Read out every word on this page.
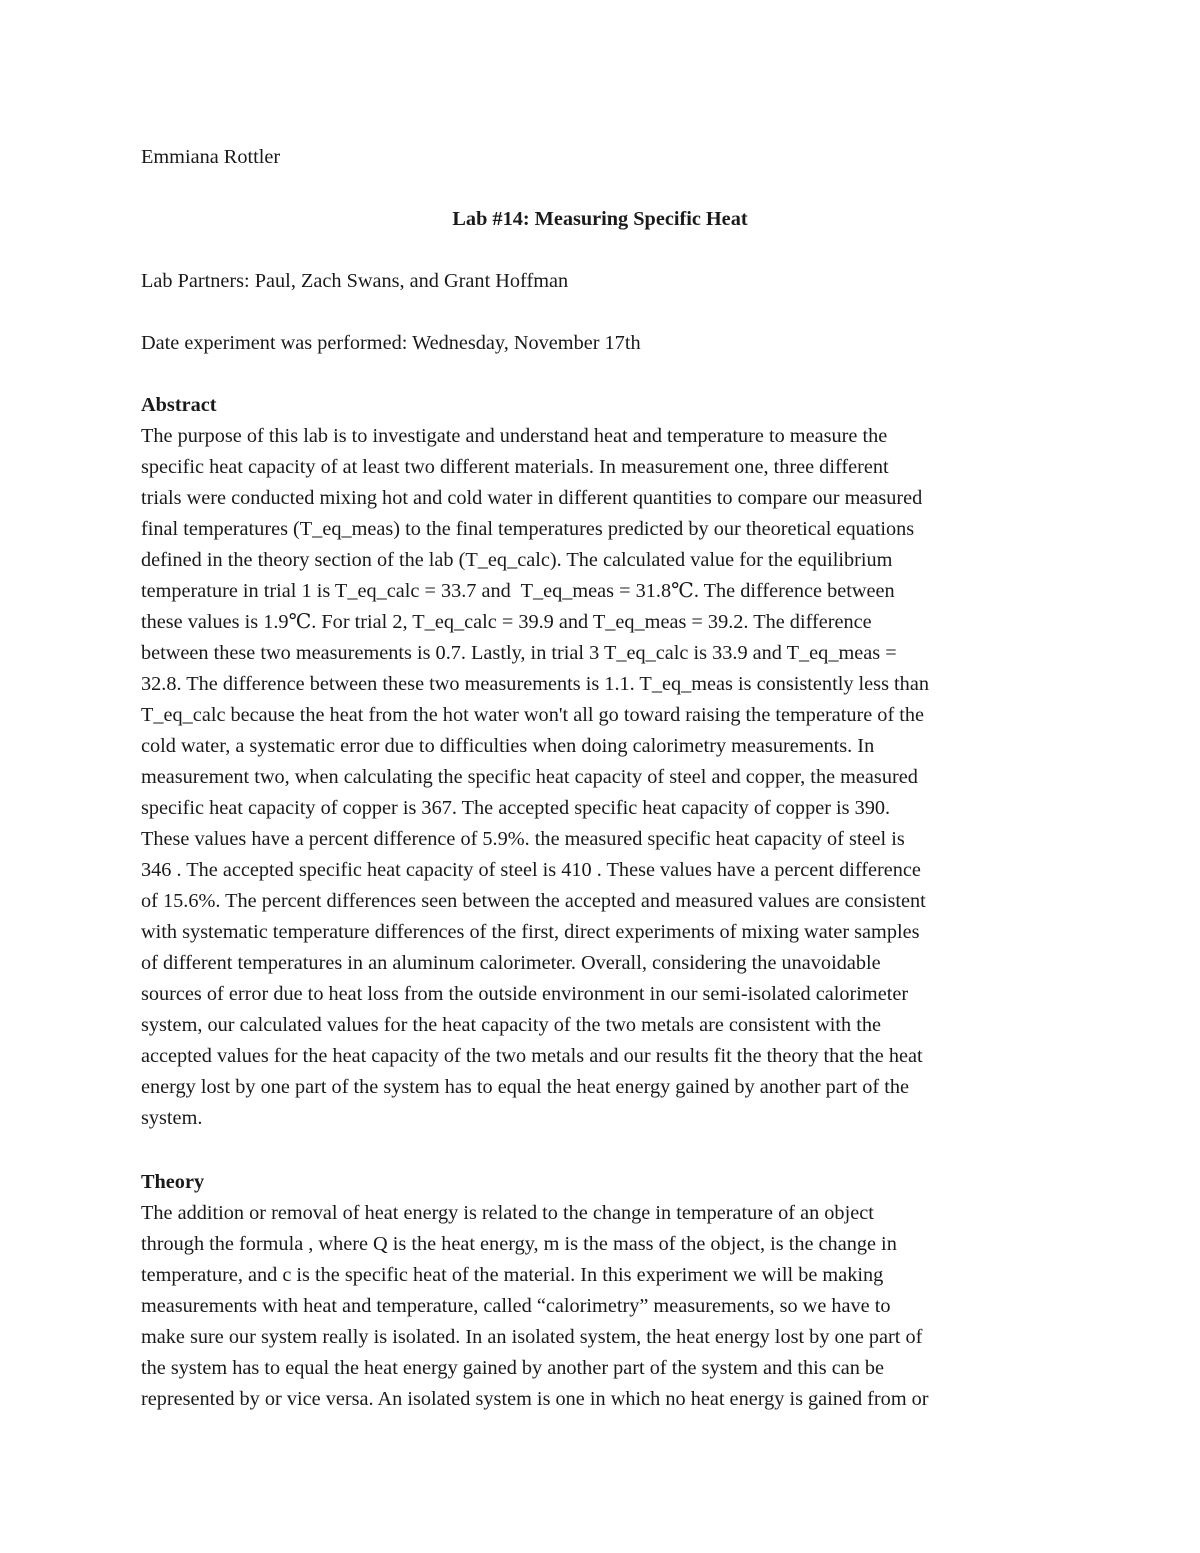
Emmiana Rottler
Lab #14: Measuring Specific Heat
Lab Partners: Paul, Zach Swans, and Grant Hoffman
Date experiment was performed: Wednesday, November 17th
Abstract
The purpose of this lab is to investigate and understand heat and temperature to measure the
specific heat capacity of at least two different materials. In measurement one, three different
trials were conducted mixing hot and cold water in different quantities to compare our measured
final temperatures (T_eq_meas) to the final temperatures predicted by our theoretical equations
defined in the theory section of the lab (T_eq_calc). The calculated value for the equilibrium
temperature in trial 1 is T_eq_calc = 33.7 and  T_eq_meas = 31.8℃. The difference between
these values is 1.9℃. For trial 2, T_eq_calc = 39.9 and T_eq_meas = 39.2. The difference
between these two measurements is 0.7. Lastly, in trial 3 T_eq_calc is 33.9 and T_eq_meas =
32.8. The difference between these two measurements is 1.1. T_eq_meas is consistently less than
T_eq_calc because the heat from the hot water won't all go toward raising the temperature of the
cold water, a systematic error due to difficulties when doing calorimetry measurements. In
measurement two, when calculating the specific heat capacity of steel and copper, the measured
specific heat capacity of copper is 367. The accepted specific heat capacity of copper is 390.
These values have a percent difference of 5.9%. the measured specific heat capacity of steel is
346 . The accepted specific heat capacity of steel is 410 . These values have a percent difference
of 15.6%. The percent differences seen between the accepted and measured values are consistent
with systematic temperature differences of the first, direct experiments of mixing water samples
of different temperatures in an aluminum calorimeter. Overall, considering the unavoidable
sources of error due to heat loss from the outside environment in our semi-isolated calorimeter
system, our calculated values for the heat capacity of the two metals are consistent with the
accepted values for the heat capacity of the two metals and our results fit the theory that the heat
energy lost by one part of the system has to equal the heat energy gained by another part of the
system.
Theory
The addition or removal of heat energy is related to the change in temperature of an object
through the formula , where Q is the heat energy, m is the mass of the object, is the change in
temperature, and c is the specific heat of the material. In this experiment we will be making
measurements with heat and temperature, called “calorimetry” measurements, so we have to
make sure our system really is isolated. In an isolated system, the heat energy lost by one part of
the system has to equal the heat energy gained by another part of the system and this can be
represented by or vice versa. An isolated system is one in which no heat energy is gained from or
